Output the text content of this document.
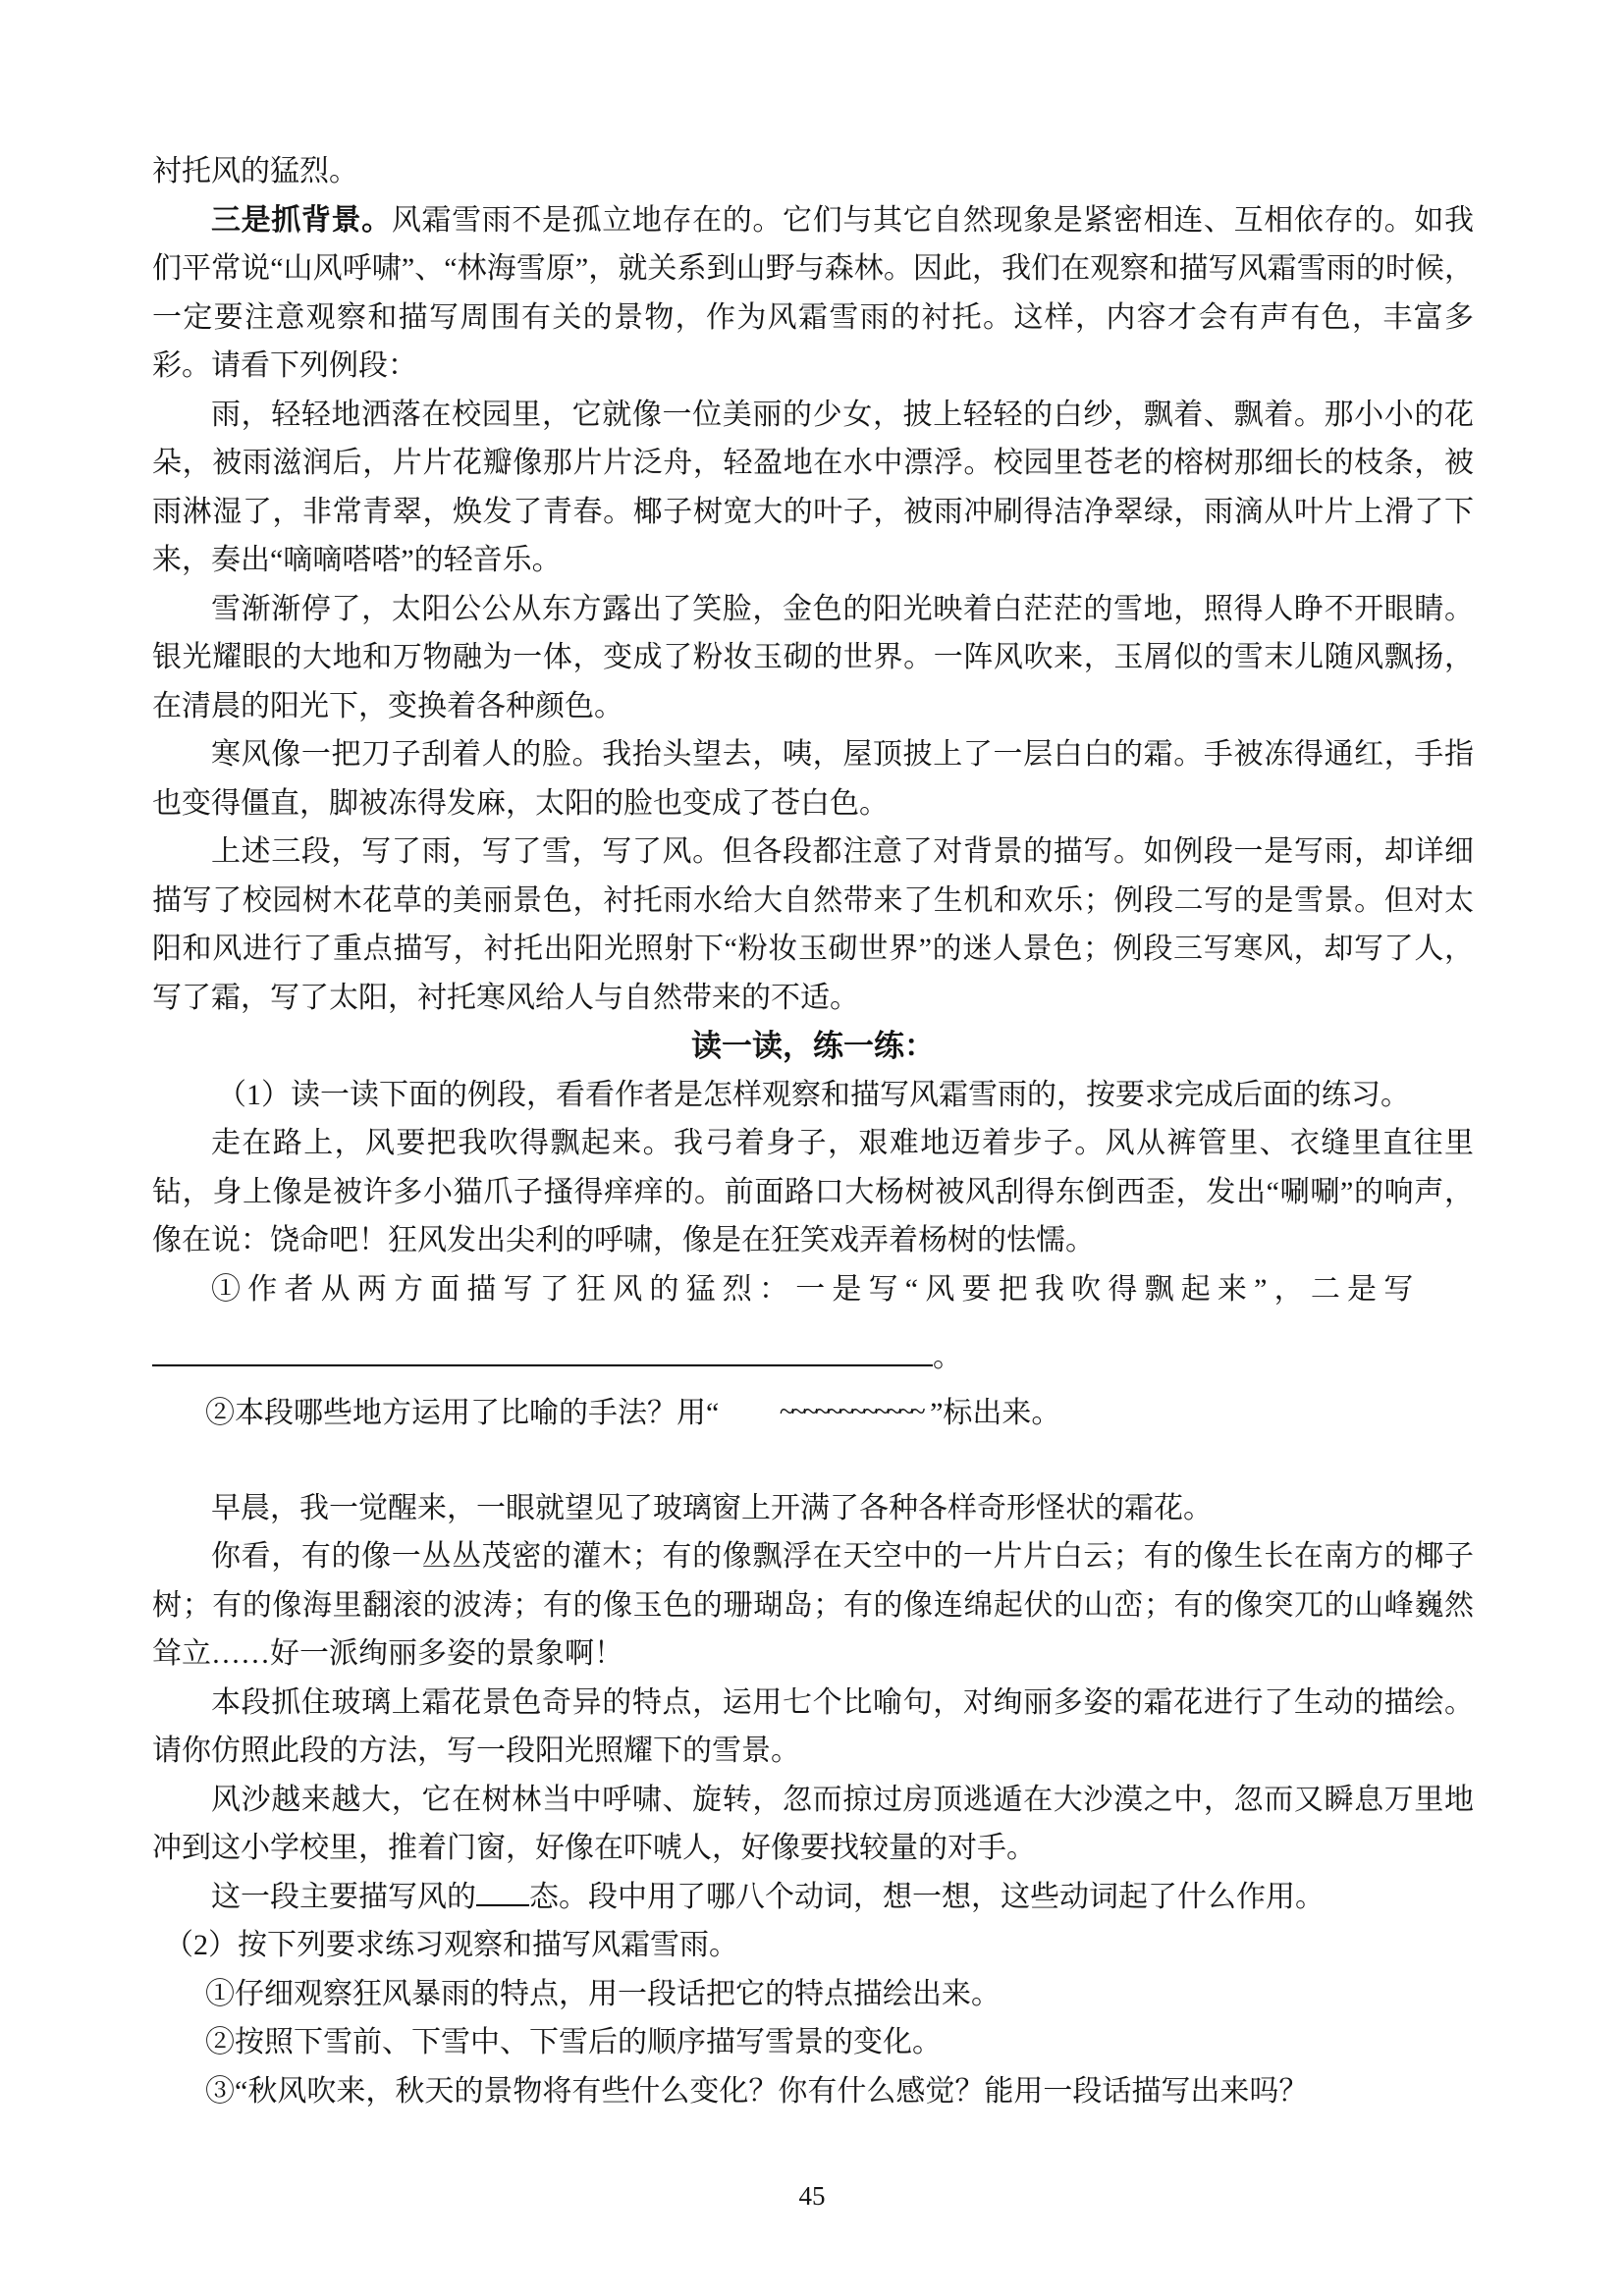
衬托风的猛烈。

三是抓背景。风霜雪雨不是孤立地存在的。它们与其它自然现象是紧密相连、互相依存的。如我们平常说“山风呼啸”、“林海雪原”，就关系到山野与森林。因此，我们在观察和描写风霜雪雨的时候，一定要注意观察和描写周围有关的景物，作为风霜雪雨的衬托。这样，内容才会有声有色，丰富多彩。请看下列例段：

雨，轻轻地洒落在校园里，它就像一位美丽的少女，披上轻轻的白纱，飘着、飘着。那小小的花朵，被雨滋润后，片片花瓣像那片片泛舟，轻盈地在水中漂浮。校园里苍老的榕树那细长的枝条，被雨淋湿了，非常青翠，焕发了青春。椰子树宽大的叶子，被雨冲刷得洁净翠绿，雨滴从叶片上滑了下来，奏出“嘀嘀嗒嗒”的轻音乐。

雪渐渐停了，太阳公公从东方露出了笑脸，金色的阳光映着白茫茫的雪地，照得人睁不开眼睛。银光耀眼的大地和万物融为一体，变成了粉妆玉砌的世界。一阵风吹来，玉屑似的雪末儿随风飘扬，在清晨的阳光下，变换着各种颜色。

寒风像一把刀子刮着人的脸。我抬头望去，咦，屋顶披上了一层白白的霜。手被冻得通红，手指也变得僵直，脚被冻得发麻，太阳的脸也变成了苍白色。

上述三段，写了雨，写了雪，写了风。但各段都注意了对背景的描写。如例段一是写雨，却详细描写了校园树木花草的美丽景色，衬托雨水给大自然带来了生机和欢乐；例段二写的是雪景。但对太阳和风进行了重点描写，衬托出阳光照射下“粉妆玉砌世界”的迷人景色；例段三写寒风，却写了人，写了霜，写了太阳，衬托寒风给人与自然带来的不适。

读一读，练一练：

（1）读一读下面的例段，看看作者是怎样观察和描写风霜雪雨的，按要求完成后面的练习。

走在路上，风要把我吹得飘起来。我弓着身子，艰难地迈着步子。风从裤管里、衣缝里直往里钻，身上像是被许多小猫爪子搔得痒痒的。前面路口大杨树被风刮得东倒西歪，发出“唰唰”的响声，像在说：饶命吧！狂风发出尖利的呼啸，像是在狂笑戏弄着杨树的怯懦。

①作者从两方面描写了狂风的猛烈：一是写“风要把我吹得飘起来”，二是写

。

②本段哪些地方运用了比喻的手法？用“ ~~~~~~~~~~~~ ”标出来。

早晨，我一觉醒来，一眼就望见了玻璃窗上开满了各种各样奇形怪状的霜花。

你看，有的像一丛丛茂密的灌木；有的像飘浮在天空中的一片片白云；有的像生长在南方的椰子树；有的像海里翻滚的波涛；有的像玉色的珊瑚岛；有的像连绵起伏的山峦；有的像突兀的山峰巍然耸立……好一派绚丽多姿的景象啊！

本段抓住玻璃上霜花景色奇异的特点，运用七个比喻句，对绚丽多姿的霜花进行了生动的描绘。请你仿照此段的方法，写一段阳光照耀下的雪景。

风沙越来越大，它在树林当中呼啸、旋转，忽而掠过房顶逃遁在大沙漠之中，忽而又瞬息万里地冲到这小学校里，推着门窗，好像在吓唬人，好像要找较量的对手。

这一段主要描写风的 态。段中用了哪八个动词，想一想，这些动词起了什么作用。

（2）按下列要求练习观察和描写风霜雪雨。

①仔细观察狂风暴雨的特点，用一段话把它的特点描绘出来。

②按照下雪前、下雪中、下雪后的顺序描写雪景的变化。

③“秋风吹来，秋天的景物将有些什么变化？你有什么感觉？能用一段话描写出来吗？

45
